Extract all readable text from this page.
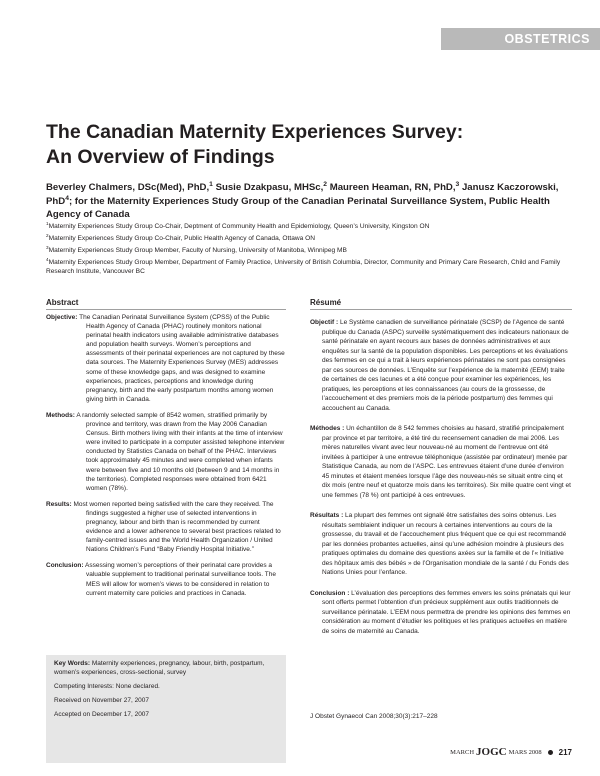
OBSTETRICS
The Canadian Maternity Experiences Survey:
An Overview of Findings

Beverley Chalmers, DSc(Med), PhD,$^1$ Susie Dzakpasu, MHSc,$^2$ Maureen Heaman, RN, PhD,$^3$ Janusz Kaczorowski, PhD$^4$; for the Maternity Experiences Study Group of the Canadian Perinatal Surveillance System, Public Health Agency of Canada

$^1$Maternity Experiences Study Group Co-Chair, Deptment of Community Health and Epidemiology, Queen’s University, Kingston ON

$^2$Maternity Experiences Study Group Co-Chair, Public Health Agency of Canada, Ottawa ON

$^3$Maternity Experiences Study Group Member, Faculty of Nursing, University of Manitoba, Winnipeg MB

$^4$Maternity Experiences Study Group Member, Department of Family Practice, University of British Columbia, Director, Community and Primary Care Research, Child and Family Research Institute, Vancouver BC

Abstract

Objective: The Canadian Perinatal Surveillance System (CPSS) of the Public Health Agency of Canada (PHAC) routinely monitors national perinatal health indicators using available administrative databases and population health surveys. Women’s perceptions and assessments of their perinatal experiences are not captured by these data sources. The Maternity Experiences Survey (MES) addresses some of these knowledge gaps, and was designed to examine experiences, practices, perceptions and knowledge during pregnancy, birth and the early postpartum months among women giving birth in Canada.

Methods: A randomly selected sample of 8542 women, stratified primarily by province and territory, was drawn from the May 2006 Canadian Census. Birth mothers living with their infants at the time of interview were invited to participate in a computer assisted telephone interview conducted by Statistics Canada on behalf of the PHAC. Interviews took approximately 45 minutes and were completed when infants were between five and 10 months old (between 9 and 14 months in the territories). Completed responses were obtained from 6421 women (78%).

Results: Most women reported being satisfied with the care they received. The findings suggested a higher use of selected interventions in pregnancy, labour and birth than is recommended by current evidence and a lower adherence to several best practices related to family-centred issues and the World Health Organization / United Nations Children’s Fund “Baby Friendly Hospital Initiative.”

Conclusion: Assessing women’s perceptions of their perinatal care provides a valuable supplement to traditional perinatal surveillance tools. The MES will allow for women’s views to be considered in relation to current maternity care policies and practices in Canada.

Key Words: Maternity experiences, pregnancy, labour, birth, postpartum, women’s experiences, cross-sectional, survey

Competing Interests: None declared.

Received on November 27, 2007

Accepted on December 17, 2007

Résumé

Objectif : Le Système canadien de surveillance périnatale (SCSP) de l’Agence de santé publique du Canada (ASPC) surveille systématiquement des indicateurs nationaux de santé périnatale en ayant recours aux bases de données administratives et aux enquêtes sur la santé de la population disponibles. Les perceptions et les évaluations des femmes en ce qui a trait à leurs expériences périnatales ne sont pas consignées par ces sources de données. L’Enquête sur l’expérience de la maternité (EEM) traite de certaines de ces lacunes et a été conçue pour examiner les expériences, les pratiques, les perceptions et les connaissances (au cours de la grossesse, de l’accouchement et des premiers mois de la période postpartum) des femmes qui accouchent au Canada.

Méthodes : Un échantillon de 8 542 femmes choisies au hasard, stratifié principalement par province et par territoire, a été tiré du recensement canadien de mai 2006. Les mères naturelles vivant avec leur nouveau-né au moment de l’entrevue ont été invitées à participer à une entrevue téléphonique (assistée par ordinateur) menée par Statistique Canada, au nom de l’ASPC. Les entrevues étaient d’une durée d’environ 45 minutes et étaient menées lorsque l’âge des nouveau-nés se situait entre cinq et dix mois (entre neuf et quatorze mois dans les territoires). Six mille quatre cent vingt et une femmes (78 %) ont participé à ces entrevues.

Résultats : La plupart des femmes ont signalé être satisfaites des soins obtenus. Les résultats semblaient indiquer un recours à certaines interventions au cours de la grossesse, du travail et de l’accouchement plus fréquent que ce qui est recommandé par les données probantes actuelles, ainsi qu’une adhésion moindre à plusieurs des pratiques optimales du domaine des questions axées sur la famille et de l’« Initiative des hôpitaux amis des bébés » de l’Organisation mondiale de la santé / du Fonds des Nations Unies pour l’enfance.

Conclusion : L’évaluation des perceptions des femmes envers les soins prénatals qui leur sont offerts permet l’obtention d’un précieux supplément aux outils traditionnels de surveillance périnatale. L’EEM nous permettra de prendre les opinions des femmes en considération au moment d’étudier les politiques et les pratiques actuelles en matière de soins de maternité au Canada.

J Obstet Gynaecol Can 2008;30(3):217–228

MARCH JOGC MARS 2008 217
